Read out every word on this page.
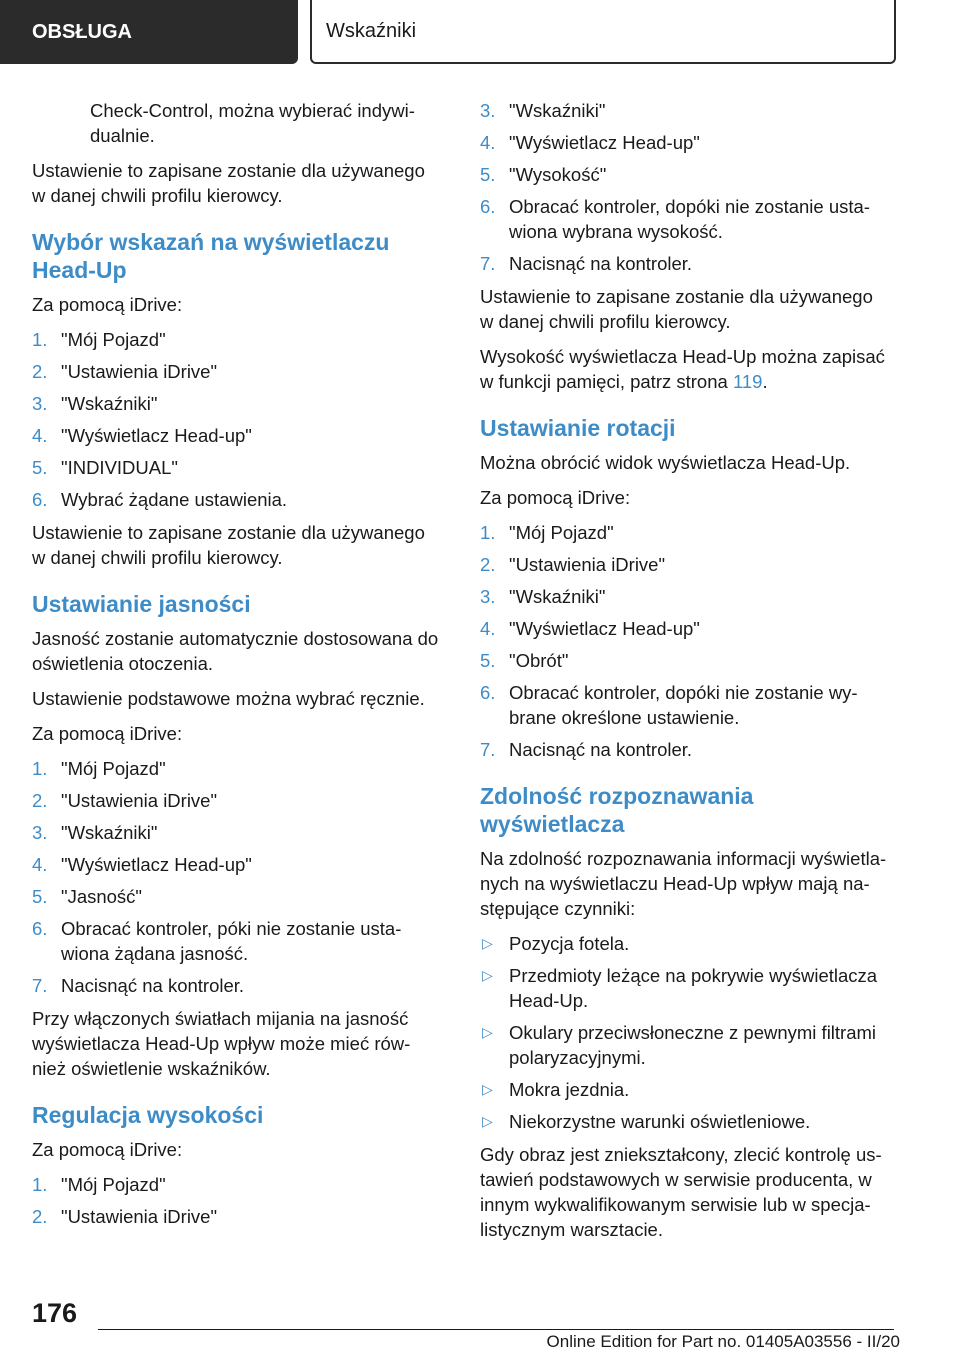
OBSŁUGA	Wskaźniki

Check-Control, można wybierać indywi-dualnie.

Ustawienie to zapisane zostanie dla używanego w danej chwili profilu kierowcy.

Wybór wskazań na wyświetlaczu Head-Up

Za pomocą iDrive:

1. "Mój Pojazd"
2. "Ustawienia iDrive"
3. "Wskaźniki"
4. "Wyświetlacz Head-up"
5. "INDIVIDUAL"
6. Wybrać żądane ustawienia.

Ustawienie to zapisane zostanie dla używanego w danej chwili profilu kierowcy.

Ustawianie jasności

Jasność zostanie automatycznie dostosowana do oświetlenia otoczenia.

Ustawienie podstawowe można wybrać ręcznie.

Za pomocą iDrive:

1. "Mój Pojazd"
2. "Ustawienia iDrive"
3. "Wskaźniki"
4. "Wyświetlacz Head-up"
5. "Jasność"
6. Obracać kontroler, póki nie zostanie usta-wiona żądana jasność.
7. Nacisnąć na kontroler.

Przy włączonych światłach mijania na jasność wyświetlacza Head-Up wpływ może mieć rów-nież oświetlenie wskaźników.

Regulacja wysokości

Za pomocą iDrive:

1. "Mój Pojazd"
2. "Ustawienia iDrive"
3. "Wskaźniki"
4. "Wyświetlacz Head-up"
5. "Wysokość"
6. Obracać kontroler, dopóki nie zostanie usta-wiona wybrana wysokość.
7. Nacisnąć na kontroler.

Ustawienie to zapisane zostanie dla używanego w danej chwili profilu kierowcy.

Wysokość wyświetlacza Head-Up można zapisać w funkcji pamięci, patrz strona 119.

Ustawianie rotacji

Można obrócić widok wyświetlacza Head-Up.

Za pomocą iDrive:

1. "Mój Pojazd"
2. "Ustawienia iDrive"
3. "Wskaźniki"
4. "Wyświetlacz Head-up"
5. "Obrót"
6. Obracać kontroler, dopóki nie zostanie wy-brane określone ustawienie.
7. Nacisnąć na kontroler.
Zdolność rozpoznawania wyświetlacza

Na zdolność rozpoznawania informacji wyświetla-nych na wyświetlaczu Head-Up wpływ mają na-stępujące czynniki:

▷ Pozycja fotela.
▷ Przedmioty leżące na pokrywie wyświetlacza Head-Up.
▷ Okulary przeciwsłoneczne z pewnymi filtrami polaryzacyjnymi.
▷ Mokra jezdnia.
▷ Niekorzystne warunki oświetleniowe.

Gdy obraz jest zniekształcony, zlecić kontrolę us-tawień podstawowych w serwisie producenta, w innym wykwalifikowanym serwisie lub w specja-listycznym warsztacie.

176
Online Edition for Part no. 01405A03556 - II/20
